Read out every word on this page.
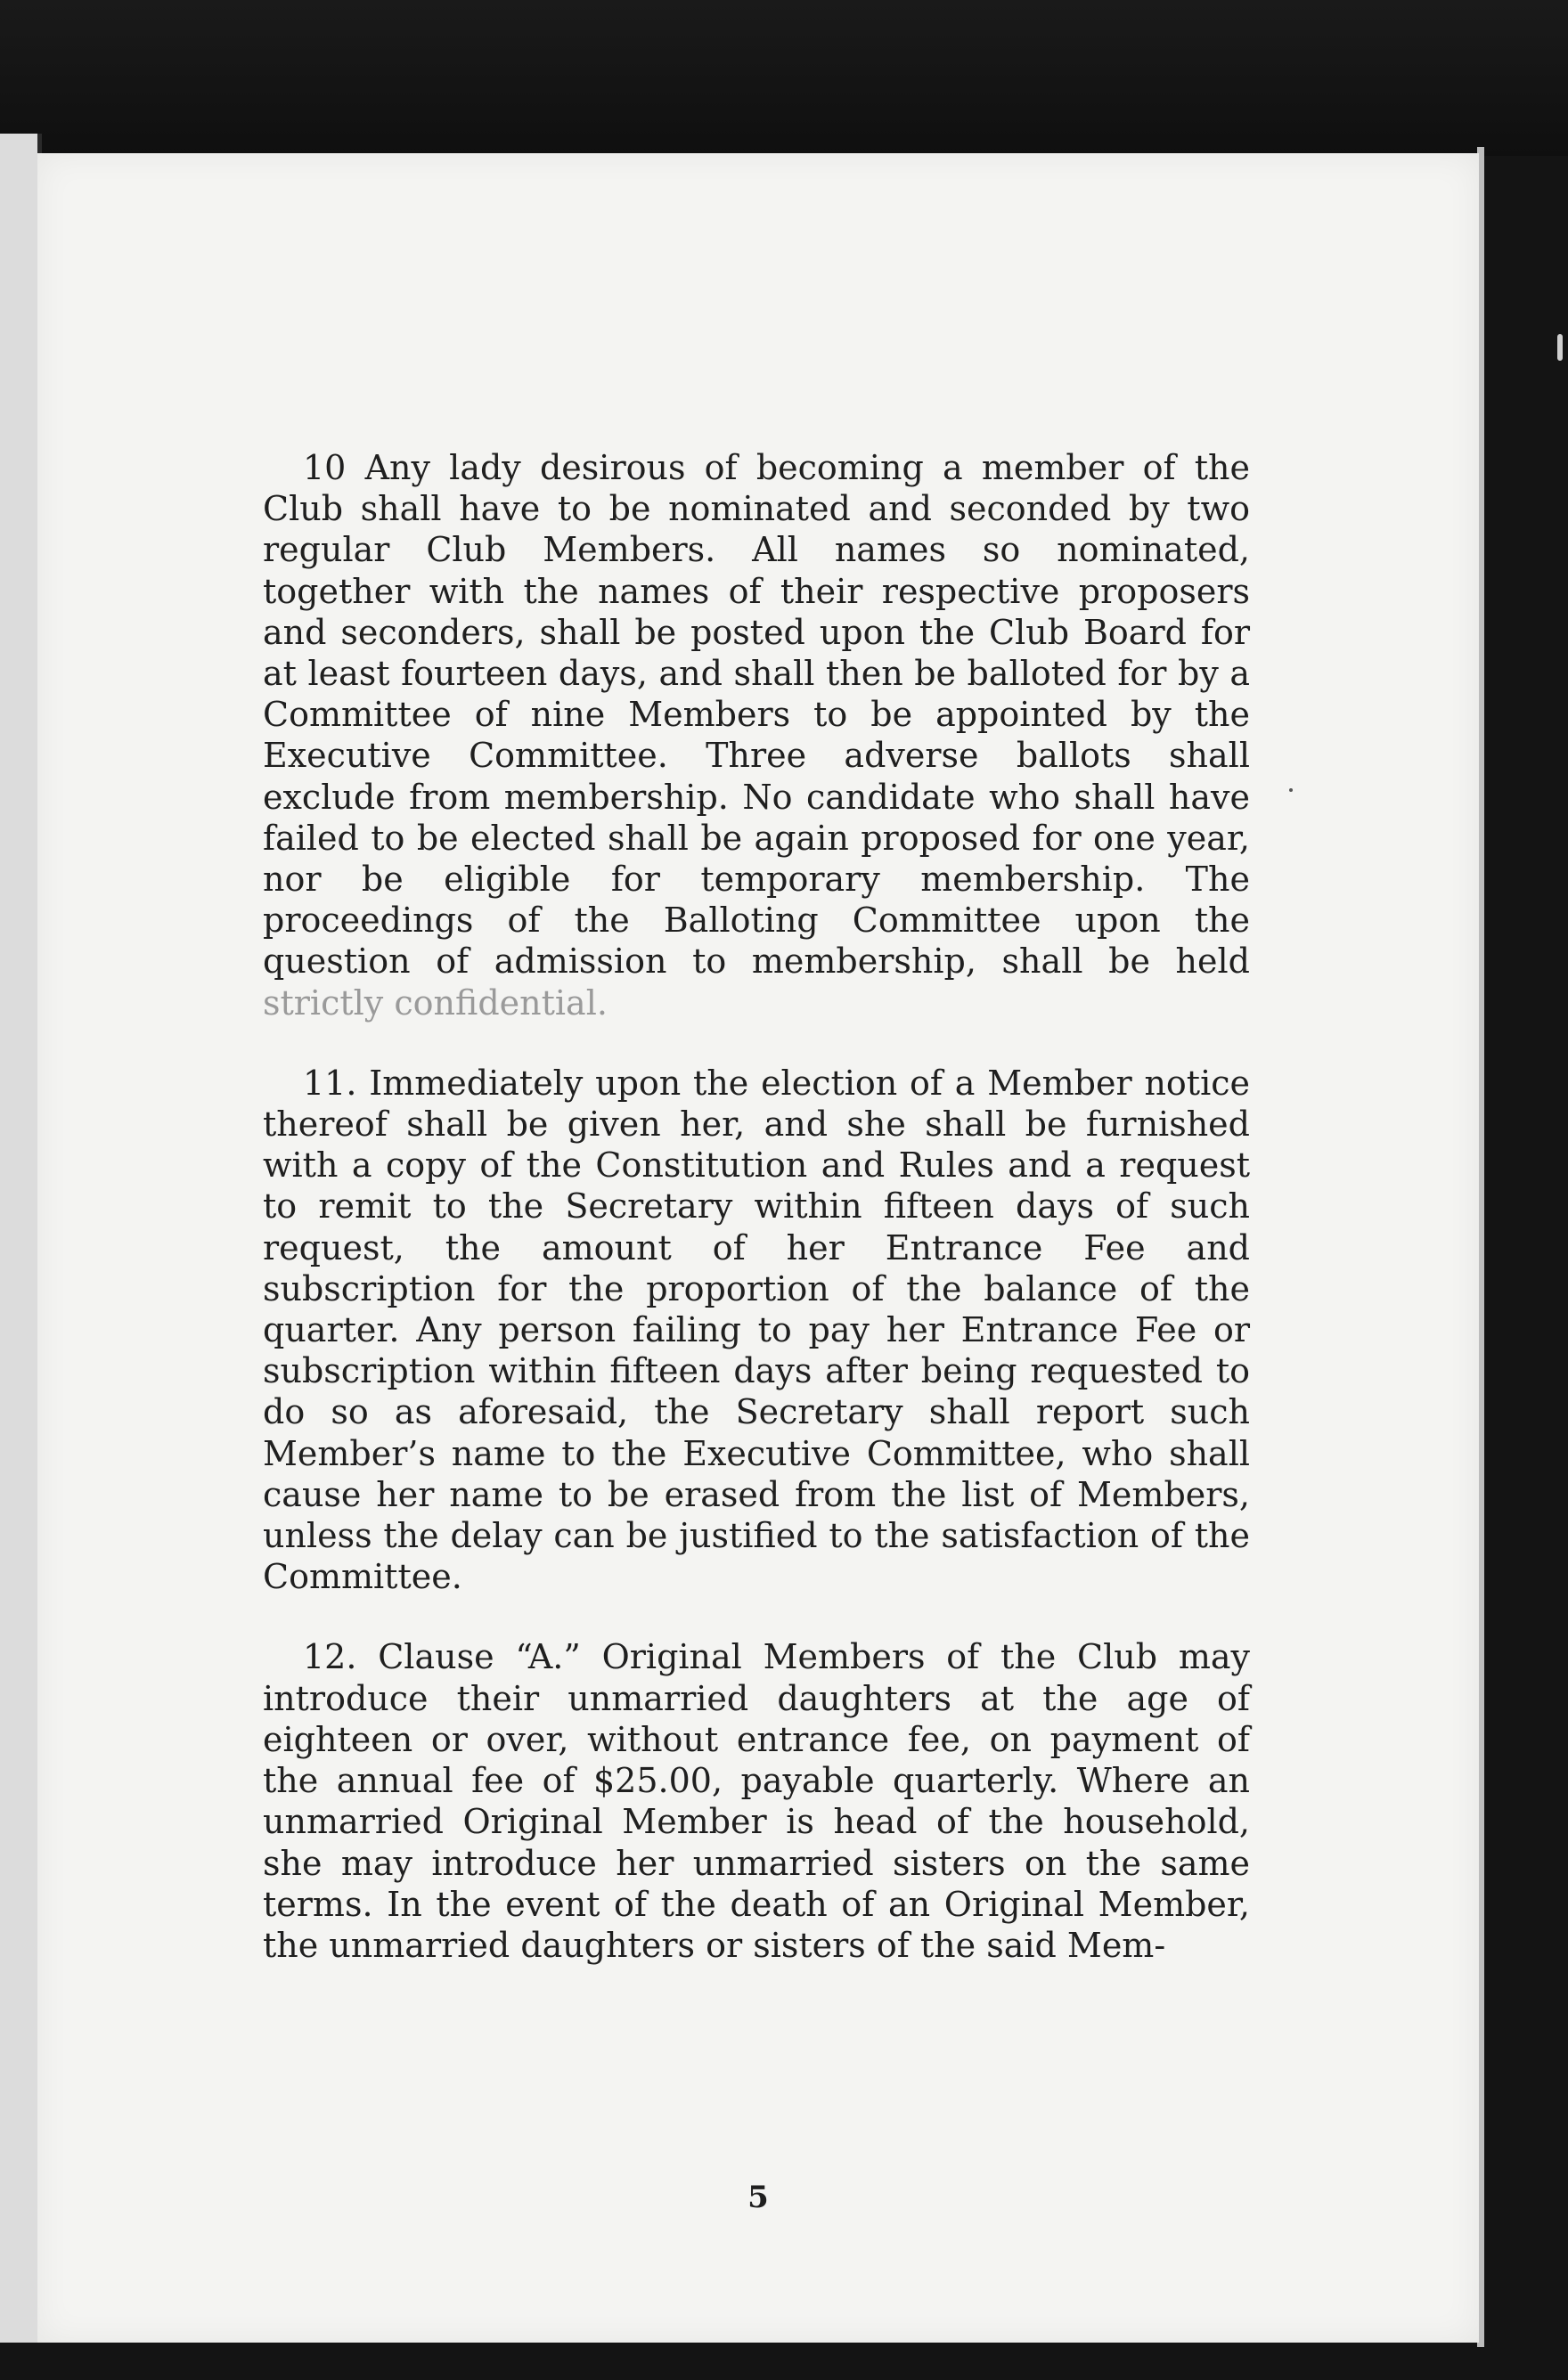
10 Any lady desirous of becoming a member of the Club shall have to be nominated and seconded by two regular Club Members. All names so nominated, together with the names of their respective proposers and seconders, shall be posted upon the Club Board for at least fourteen days, and shall then be balloted for by a Committee of nine Members to be appointed by the Executive Committee. Three adverse ballots shall exclude from membership. No candidate who shall have failed to be elected shall be again proposed for one year, nor be eligible for temporary membership. The proceedings of the Balloting Committee upon the question of admission to membership, shall be held strictly confidential.

11. Immediately upon the election of a Member notice thereof shall be given her, and she shall be furnished with a copy of the Constitution and Rules and a request to remit to the Secretary within fifteen days of such request, the amount of her Entrance Fee and subscription for the proportion of the balance of the quarter. Any person failing to pay her Entrance Fee or subscription within fifteen days after being requested to do so as aforesaid, the Secretary shall report such Member’s name to the Executive Committee, who shall cause her name to be erased from the list of Members, unless the delay can be justified to the satisfaction of the Committee.

12. Clause “A.” Original Members of the Club may introduce their unmarried daughters at the age of eighteen or over, without entrance fee, on payment of the annual fee of $25.00, payable quarterly. Where an unmarried Original Member is head of the household, she may introduce her unmarried sisters on the same terms. In the event of the death of an Original Member, the unmarried daughters or sisters of the said Mem-

5
